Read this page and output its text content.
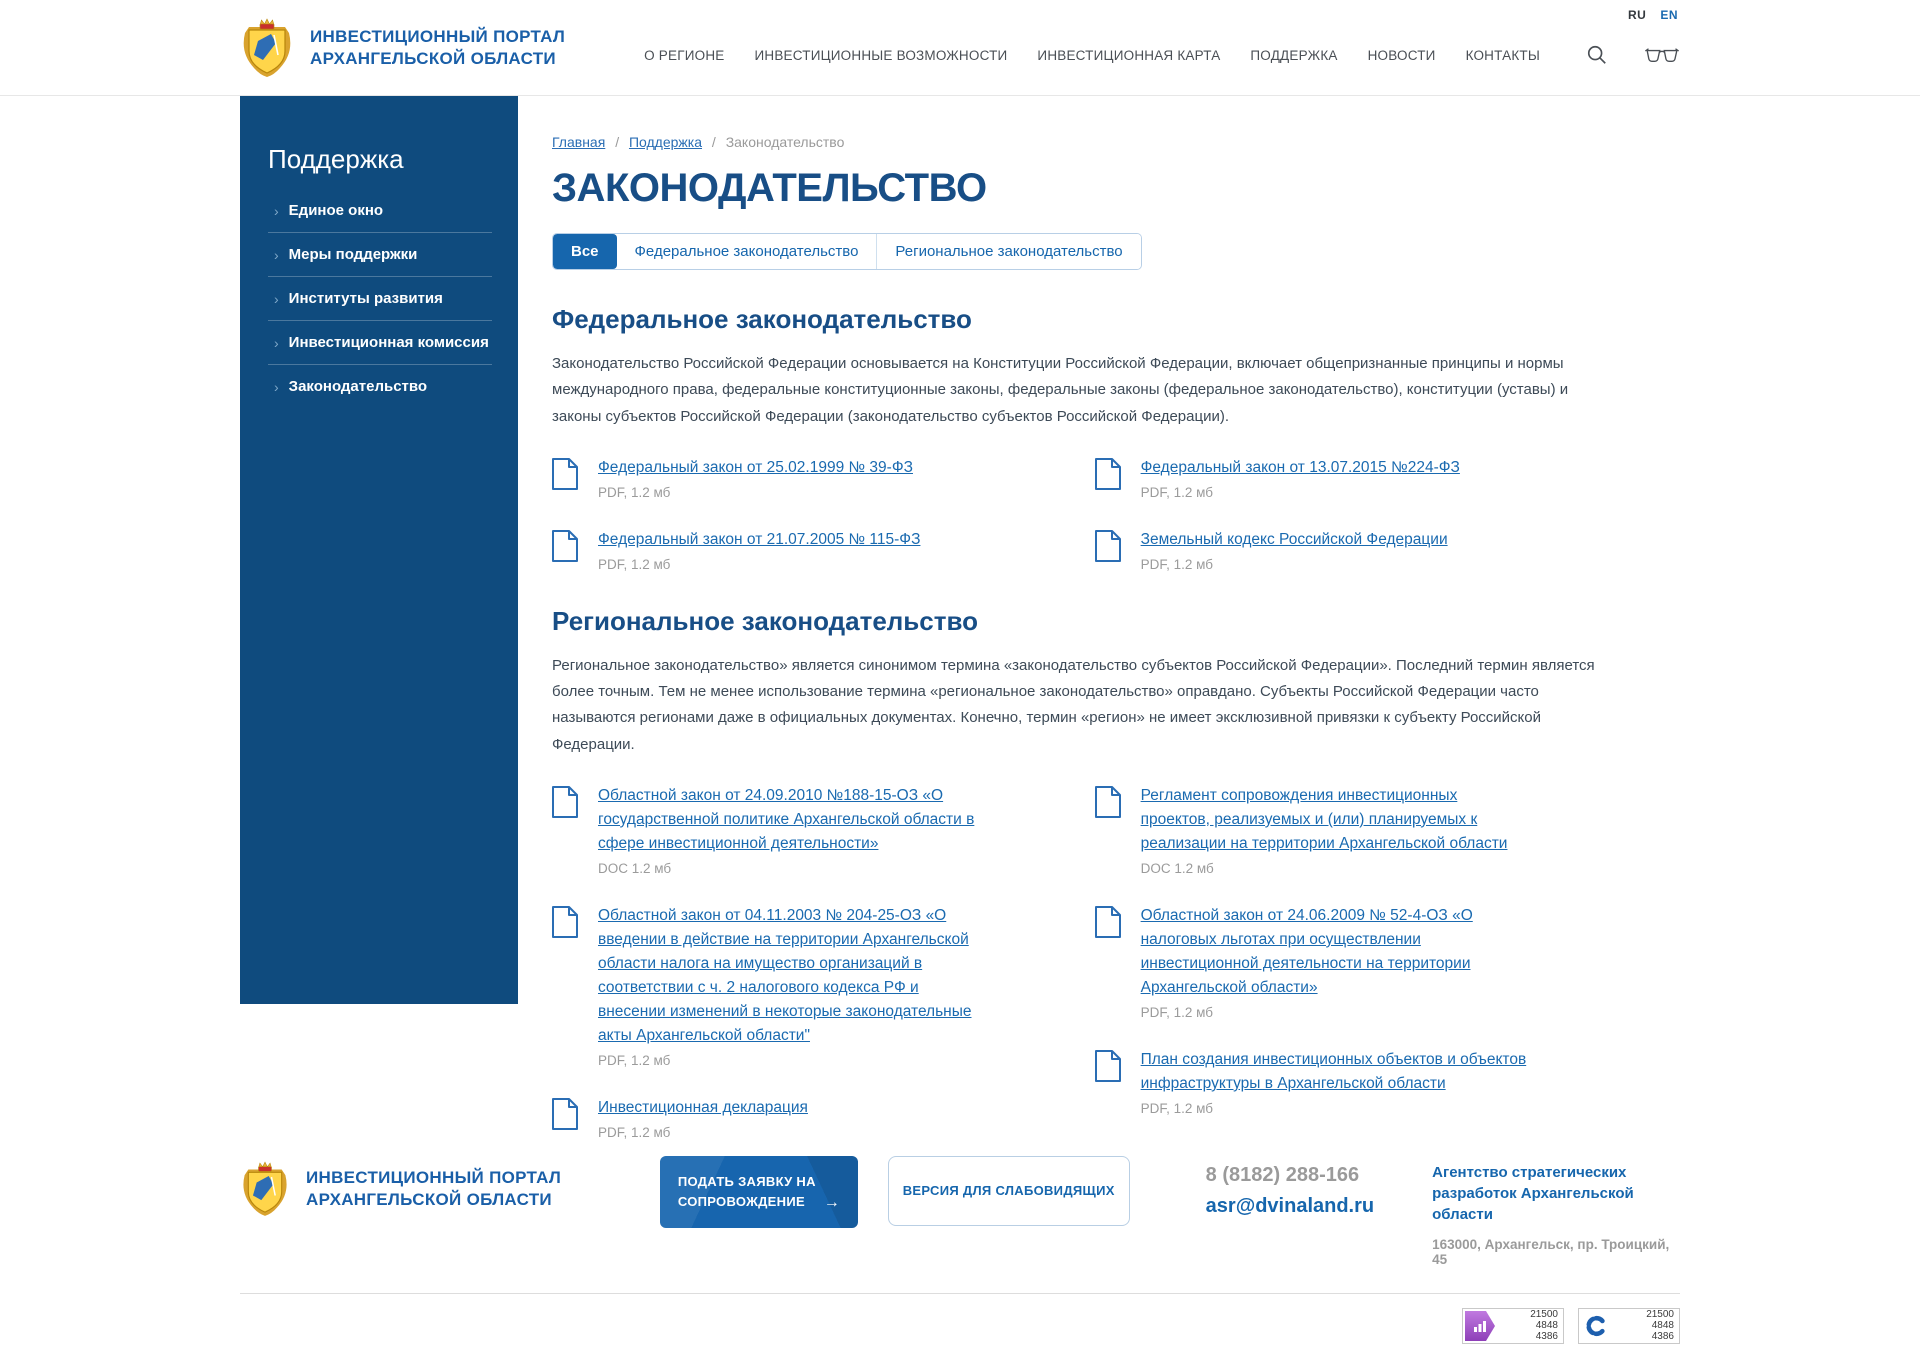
ИНВЕСТИЦИОННЫЙ ПОРТАЛ
АРХАНГЕЛЬСКОЙ ОБЛАСТИ
RU EN
О РЕГИОНЕ ИНВЕСТИЦИОННЫЕ ВОЗМОЖНОСТИ ИНВЕСТИЦИОННАЯ КАРТА ПОДДЕРЖКА НОВОСТИ КОНТАКТЫ
Поддержка
› Единое окно
› Меры поддержки
› Институты развития
› Инвестиционная комиссия
› Законодательство
Главная / Поддержка / Законодательство
ЗАКОНОДАТЕЛЬСТВО
Все	Федеральное законодательство	Региональное законодательство
Федеральное законодательство

Законодательство Российской Федерации основывается на Конституции Российской Федерации, включает общепризнанные принципы и нормы международного права, федеральные конституционные законы, федеральные законы (федеральное законодательство), конституции (уставы) и законы субъектов Российской Федерации (законодательство субъектов Российской Федерации).

Федеральный закон от 25.02.1999 № 39-ФЗ
PDF, 1.2 мб
Федеральный закон от 21.07.2005 № 115-ФЗ
PDF, 1.2 мб
Федеральный закон от 13.07.2015 №224-ФЗ
PDF, 1.2 мб
Земельный кодекс Российской Федерации
PDF, 1.2 мб
Региональное законодательство

Региональное законодательство» является синонимом термина «законодательство субъектов Российской Федерации». Последний термин является более точным. Тем не менее использование термина «региональное законодательство» оправдано. Субъекты Российской Федерации часто называются регионами даже в официальных документах. Конечно, термин «регион» не имеет эксклюзивной привязки к субъекту Российской Федерации.

Областной закон от 24.09.2010 №188-15-ОЗ «О государственной политике Архангельской области в сфере инвестиционной деятельности»
DOC 1.2 мб
Областной закон от 04.11.2003 № 204-25-ОЗ «О введении в действие на территории Архангельской области налога на имущество организаций в соответствии с ч. 2 налогового кодекса РФ и внесении изменений в некоторые законодательные акты Архангельской области"
PDF, 1.2 мб
Инвестиционная декларация
PDF, 1.2 мб
Регламент сопровождения инвестиционных проектов, реализуемых и (или) планируемых к реализации на территории Архангельской области
DOC 1.2 мб
Областной закон от 24.06.2009 № 52-4-ОЗ «О налоговых льготах при осуществлении инвестиционной деятельности на территории Архангельской области»
PDF, 1.2 мб
План создания инвестиционных объектов и объектов инфраструктуры в Архангельской области
PDF, 1.2 мб
ИНВЕСТИЦИОННЫЙ ПОРТАЛ
АРХАНГЕЛЬСКОЙ ОБЛАСТИ
ПОДАТЬ ЗАЯВКУ НА СОПРОВОЖДЕНИЕ	→
ВЕРСИЯ ДЛЯ СЛАБОВИДЯЩИХ
8 (8182) 288-166
asr@dvinaland.ru
Агентство стратегических разработок Архангельской области
163000, Архангельск, пр. Троицкий, 45
21500
4848
4386
21500
4848
4386
